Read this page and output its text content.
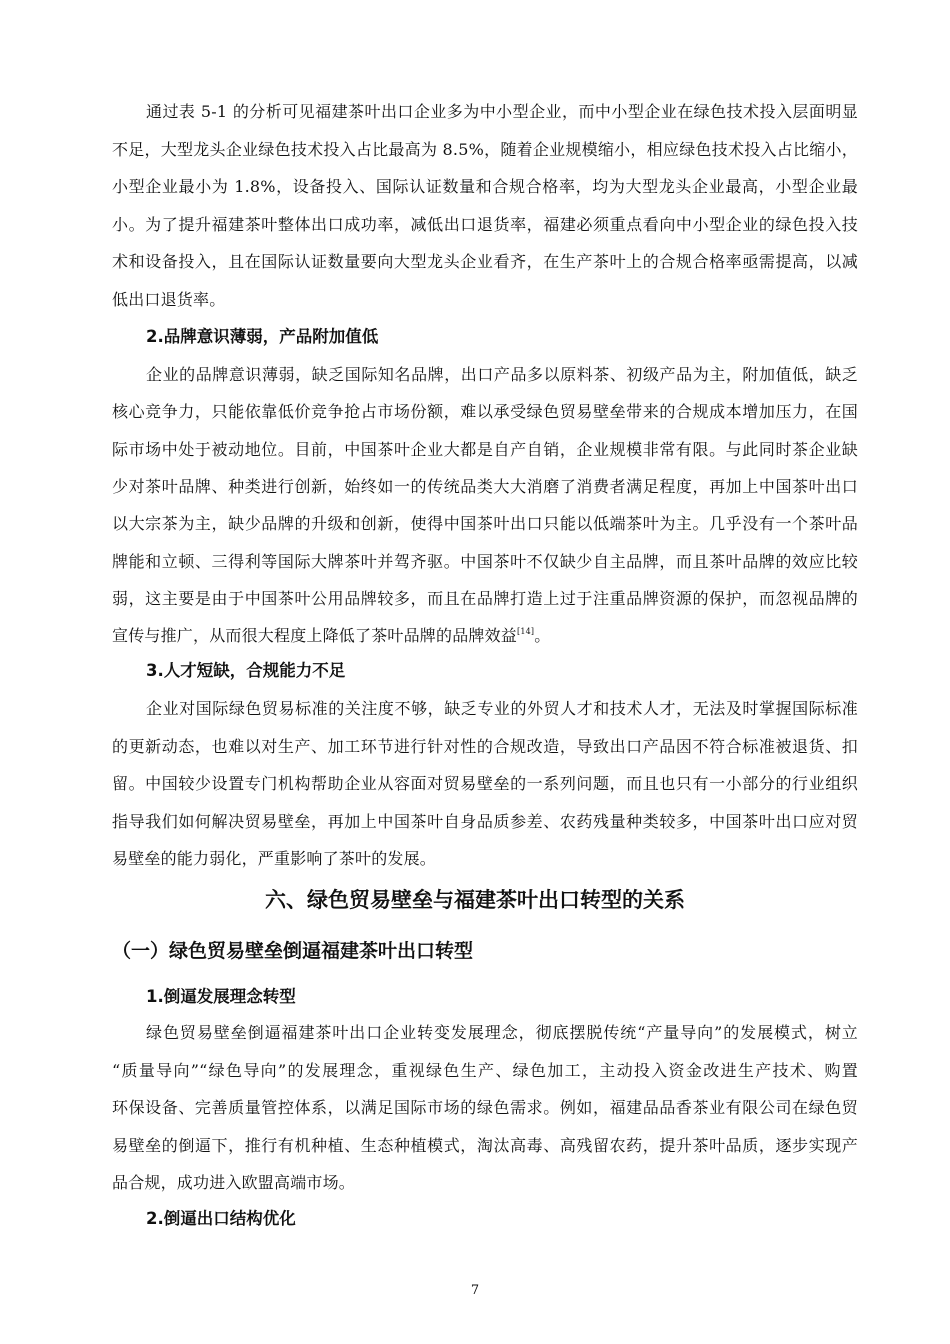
通过表 5-1 的分析可见福建茶叶出口企业多为中小型企业，而中小型企业在绿色技术投入层面明显
不足，大型龙头企业绿色技术投入占比最高为 8.5%，随着企业规模缩小，相应绿色技术投入占比缩小，
小型企业最小为 1.8%，设备投入、国际认证数量和合规合格率，均为大型龙头企业最高，小型企业最
小。为了提升福建茶叶整体出口成功率，减低出口退货率，福建必须重点看向中小型企业的绿色投入技
术和设备投入，且在国际认证数量要向大型龙头企业看齐，在生产茶叶上的合规合格率亟需提高，以减
低出口退货率。
2.品牌意识薄弱，产品附加值低
企业的品牌意识薄弱，缺乏国际知名品牌，出口产品多以原料茶、初级产品为主，附加值低，缺乏
核心竞争力，只能依靠低价竞争抢占市场份额，难以承受绿色贸易壁垒带来的合规成本增加压力，在国
际市场中处于被动地位。目前，中国茶叶企业大都是自产自销，企业规模非常有限。与此同时茶企业缺
少对茶叶品牌、种类进行创新，始终如一的传统品类大大消磨了消费者满足程度，再加上中国茶叶出口
以大宗茶为主，缺少品牌的升级和创新，使得中国茶叶出口只能以低端茶叶为主。几乎没有一个茶叶品
牌能和立顿、三得利等国际大牌茶叶并驾齐驱。中国茶叶不仅缺少自主品牌，而且茶叶品牌的效应比较
弱，这主要是由于中国茶叶公用品牌较多，而且在品牌打造上过于注重品牌资源的保护，而忽视品牌的
宣传与推广，从而很大程度上降低了茶叶品牌的品牌效益[14]。
3.人才短缺，合规能力不足
企业对国际绿色贸易标准的关注度不够，缺乏专业的外贸人才和技术人才，无法及时掌握国际标准
的更新动态，也难以对生产、加工环节进行针对性的合规改造，导致出口产品因不符合标准被退货、扣
留。中国较少设置专门机构帮助企业从容面对贸易壁垒的一系列问题，而且也只有一小部分的行业组织
指导我们如何解决贸易壁垒，再加上中国茶叶自身品质参差、农药残量种类较多，中国茶叶出口应对贸
易壁垒的能力弱化，严重影响了茶叶的发展。
六、绿色贸易壁垒与福建茶叶出口转型的关系
（一）绿色贸易壁垒倒逼福建茶叶出口转型
1.倒逼发展理念转型
绿色贸易壁垒倒逼福建茶叶出口企业转变发展理念，彻底摆脱传统“产量导向”的发展模式，树立
“质量导向”“绿色导向”的发展理念，重视绿色生产、绿色加工，主动投入资金改进生产技术、购置
环保设备、完善质量管控体系，以满足国际市场的绿色需求。例如，福建品品香茶业有限公司在绿色贸
易壁垒的倒逼下，推行有机种植、生态种植模式，淘汰高毒、高残留农药，提升茶叶品质，逐步实现产
品合规，成功进入欧盟高端市场。
2.倒逼出口结构优化
7
